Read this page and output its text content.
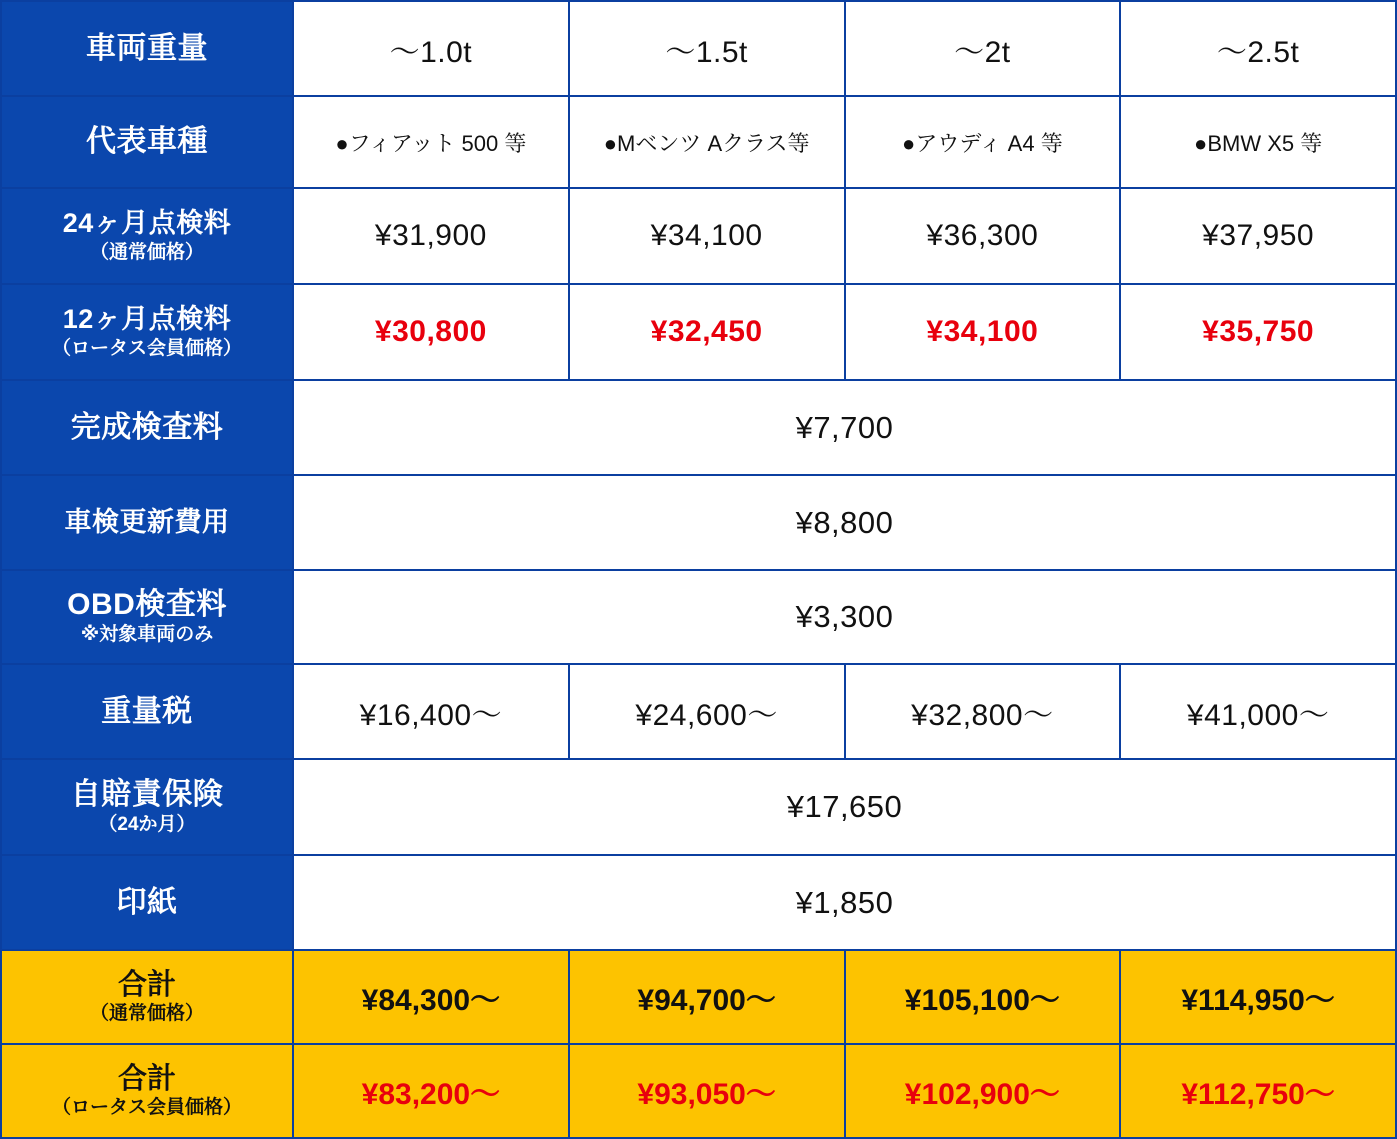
車両重量	～1.0t	～1.5t	～2t	～2.5t

代表車種	●フィアット 500 等	●Mベンツ Aクラス等	●アウディ A4 等	●BMW X5 等

24ヶ月点検料
（通常価格）	¥31,900	¥34,100	¥36,300	¥37,950

12ヶ月点検料
（ロータス会員価格）	¥30,800	¥32,450	¥34,100	¥35,750

完成検査料	¥7,700			

車検更新費用	¥8,800			

OBD検査料
※対象車両のみ	¥3,300			

重量税	¥16,400～	¥24,600～	¥32,800～	¥41,000～

自賠責保険
（24か月）	¥17,650			

印紙	¥1,850			

合計
（通常価格）	¥84,300～	¥94,700～	¥105,100～	¥114,950～

合計
（ロータス会員価格）	¥83,200～	¥93,050～	¥102,900～	¥112,750～
